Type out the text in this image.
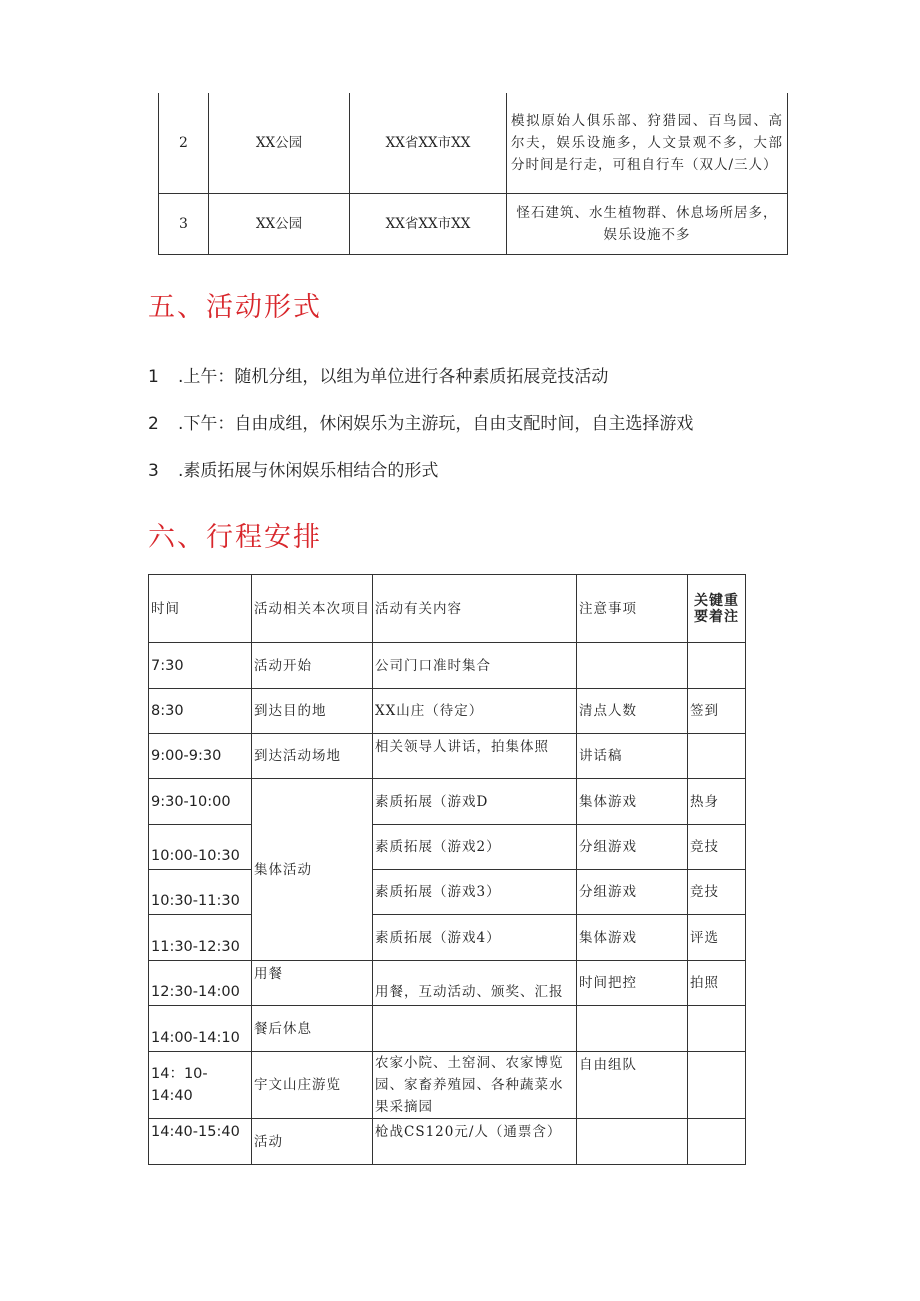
2	XX公园	XX省XX市XX	模拟原始人俱乐部、狩猎园、百鸟园、高尔夫，娱乐设施多，人文景观不多，大部分时间是行走，可租自行车（双人/三人）
3	XX公园	XX省XX市XX	怪石建筑、水生植物群、休息场所居多，娱乐设施不多
五、活动形式

1 .上午：随机分组，以组为单位进行各种素质拓展竞技活动

2 .下午：自由成组，休闲娱乐为主游玩，自由支配时间，自主选择游戏

3 .素质拓展与休闲娱乐相结合的形式

六、行程安排
时间	活动相关本次项目	活动有关内容	注意事项	关键重要着注
7:30	活动开始	公司门口准时集合		
8:30	到达目的地	XX山庄（待定）	清点人数	签到
9:00-9:30	到达活动场地	相关领导人讲话，拍集体照	讲话稿	
9:30-10:00	集体活动	素质拓展（游戏D	集体游戏	热身
10:00-10:30		素质拓展（游戏2）	分组游戏	竞技
10:30-11:30		素质拓展（游戏3）	分组游戏	竞技
11:30-12:30		素质拓展（游戏4）	集体游戏	评选
12:30-14:00	用餐	用餐，互动活动、颁奖、汇报	时间把控	拍照
14:00-14:10	餐后休息			
14：10-14:40	宇文山庄游览	农家小院、土窑洞、农家博览园、家畜养殖园、各种蔬菜水果采摘园	自由组队	
14:40-15:40	活动	枪战CS120元/人（通票含）		
